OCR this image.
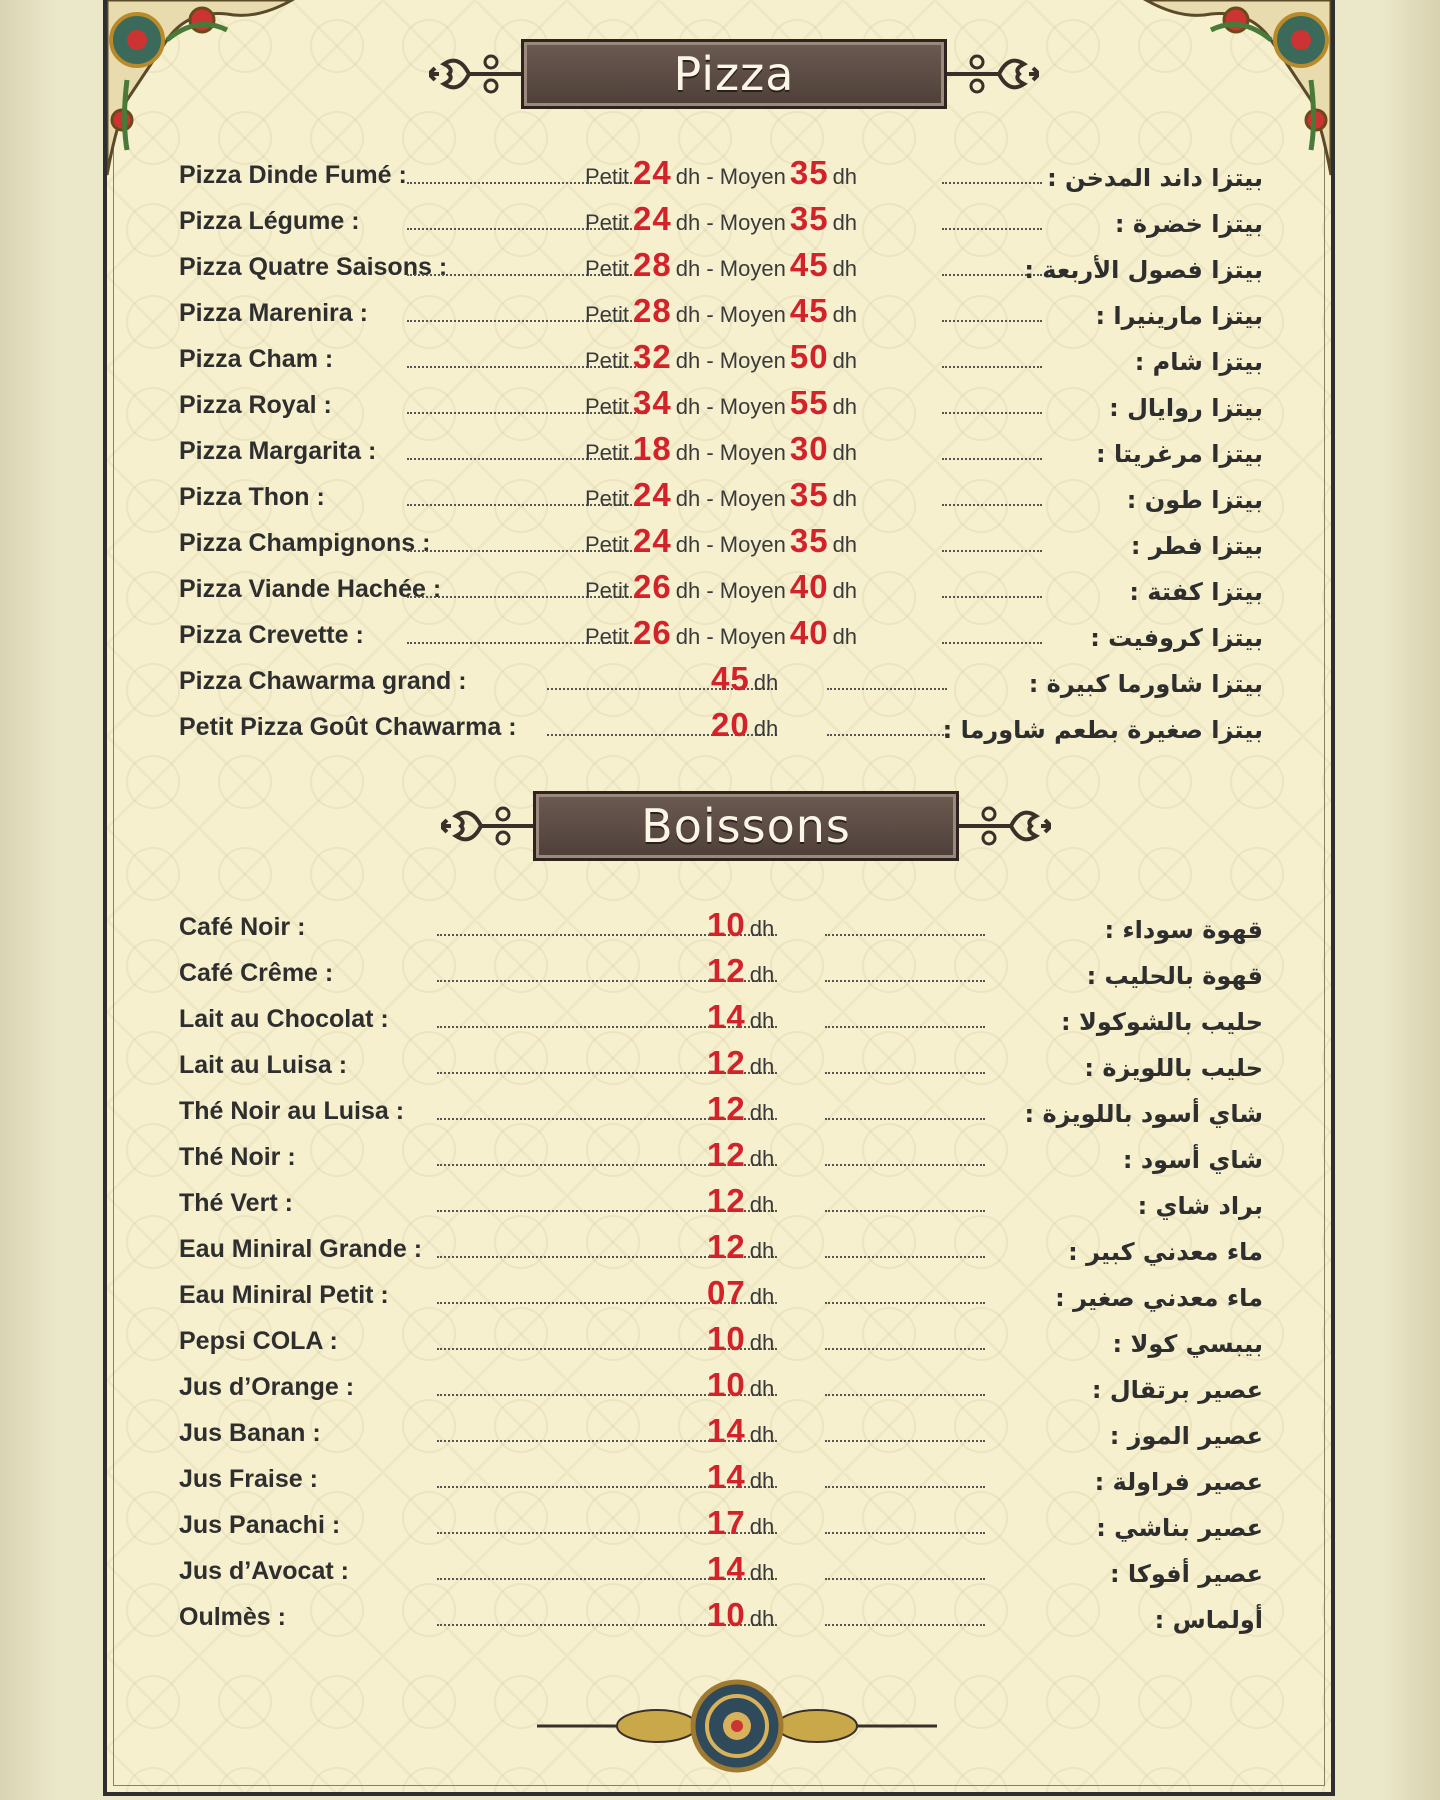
Pizza
Pizza Dinde Fumé :	Petit 24 dh - Moyen 35 dh	بيتزا داند المدخن :
Pizza Légume :	Petit 24 dh - Moyen 35 dh	بيتزا خضرة :
Pizza Quatre Saisons :	Petit 28 dh - Moyen 45 dh	بيتزا فصول الأربعة :
Pizza Marenira :	Petit 28 dh - Moyen 45 dh	بيتزا مارينيرا :
Pizza Cham :	Petit 32 dh - Moyen 50 dh	بيتزا شام :
Pizza Royal :	Petit 34 dh - Moyen 55 dh	بيتزا روايال :
Pizza Margarita :	Petit 18 dh - Moyen 30 dh	بيتزا مرغريتا :
Pizza Thon :	Petit 24 dh - Moyen 35 dh	بيتزا طون :
Pizza Champignons :	Petit 24 dh - Moyen 35 dh	بيتزا فطر :
Pizza Viande Hachée :	Petit 26 dh - Moyen 40 dh	بيتزا كفتة :
Pizza Crevette :	Petit 26 dh - Moyen 40 dh	بيتزا كروفيت :
Pizza Chawarma grand :	45 dh	بيتزا شاورما كبيرة :
Petit Pizza Goût Chawarma :	20 dh	بيتزا صغيرة بطعم شاورما :
Boissons
Café Noir :	10 dh	قهوة سوداء :
Café Crême :	12 dh	قهوة بالحليب :
Lait au Chocolat :	14 dh	حليب بالشوكولا :
Lait au Luisa :	12 dh	حليب باللويزة :
Thé Noir au Luisa :	12 dh	شاي أسود باللويزة :
Thé Noir :	12 dh	شاي أسود :
Thé Vert :	12 dh	براد شاي :
Eau Miniral Grande :	12 dh	ماء معدني كبير :
Eau Miniral Petit :	07 dh	ماء معدني صغير :
Pepsi COLA :	10 dh	بيبسي كولا :
Jus d’Orange :	10 dh	عصير برتقال :
Jus Banan :	14 dh	عصير الموز :
Jus Fraise :	14 dh	عصير فراولة :
Jus Panachi :	17 dh	عصير بناشي :
Jus d’Avocat :	14 dh	عصير أفوكا :
Oulmès :	10 dh	أولماس :
